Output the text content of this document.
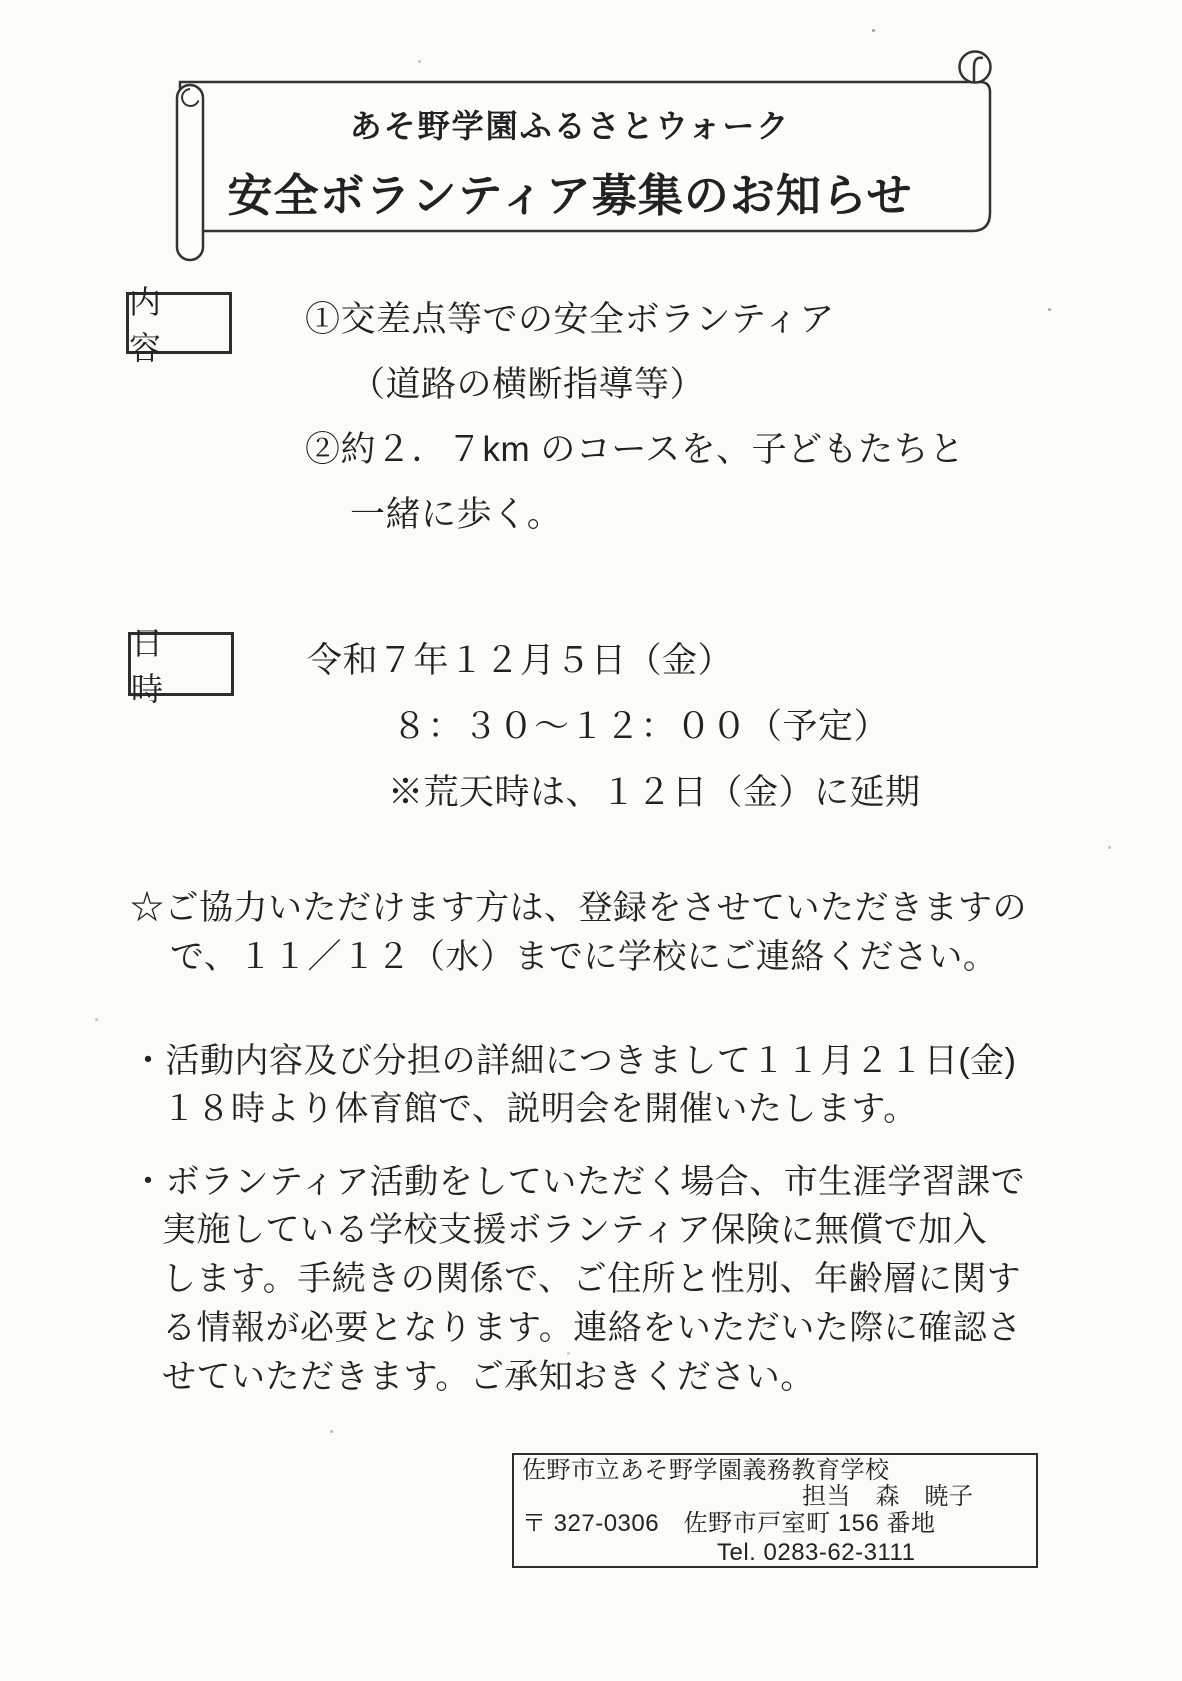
あそ野学園ふるさとウォーク
安全ボランティア募集のお知らせ
内　容
①交差点等での安全ボランティア
（道路の横断指導等）
②約２．７km のコースを、子どもたちと
一緒に歩く。
日　時
令和７年１２月５日（金）
８：３０～１２：００（予定）
※荒天時は、１２日（金）に延期
☆ご協力いただけます方は、登録をさせていただきますの
で、１１／１２（水）までに学校にご連絡ください。
・活動内容及び分担の詳細につきまして１１月２１日(金)
１８時より体育館で、説明会を開催いたします。
・ボランティア活動をしていただく場合、市生涯学習課で
実施している学校支援ボランティア保険に無償で加入
します。手続きの関係で、ご住所と性別、年齢層に関す
る情報が必要となります。連絡をいただいた際に確認さ
せていただきます。ご承知おきください。
佐野市立あそ野学園義務教育学校
担当　森　暁子
〒 327-0306　佐野市戸室町 156 番地
Tel. 0283-62-3111
